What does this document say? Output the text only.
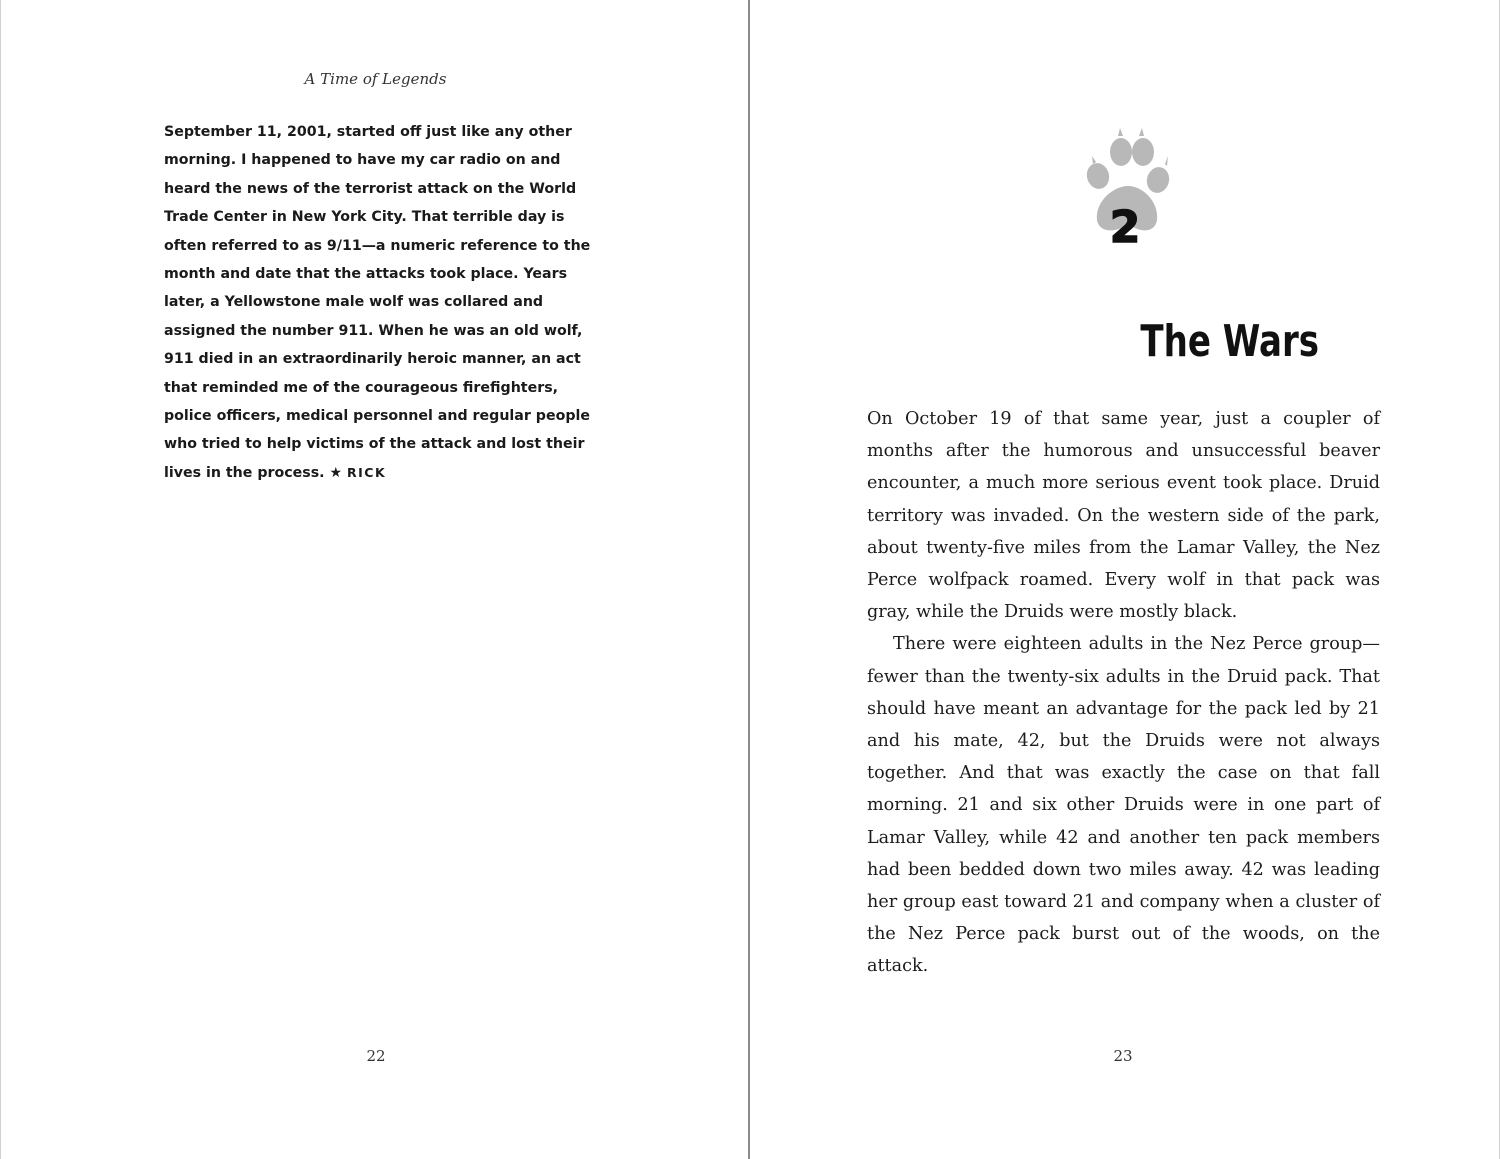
A Time of Legends
September 11, 2001, started off just like any other morning. I happened to have my car radio on and heard the news of the terrorist attack on the World Trade Center in New York City. That terrible day is often referred to as 9/11—a numeric reference to the month and date that the attacks took place. Years later, a Yellowstone male wolf was collared and assigned the number 911. When he was an old wolf, 911 died in an extraordinarily heroic manner, an act that reminded me of the courageous firefighters, police officers, medical personnel and regular people who tried to help victims of the attack and lost their lives in the process. ★ RICK
22
2
The Wars

On October 19 of that same year, just a coupler of months after the humorous and unsuccessful beaver encounter, a much more serious event took place. Druid territory was invaded. On the western side of the park, about twenty-five miles from the Lamar Valley, the Nez Perce wolfpack roamed. Every wolf in that pack was gray, while the Druids were mostly black.

There were eighteen adults in the Nez Perce group—fewer than the twenty-six adults in the Druid pack. That should have meant an advantage for the pack led by 21 and his mate, 42, but the Druids were not always together. And that was exactly the case on that fall morning. 21 and six other Druids were in one part of Lamar Valley, while 42 and another ten pack members had been bedded down two miles away. 42 was leading her group east toward 21 and company when a cluster of the Nez Perce pack burst out of the woods, on the attack.

23
